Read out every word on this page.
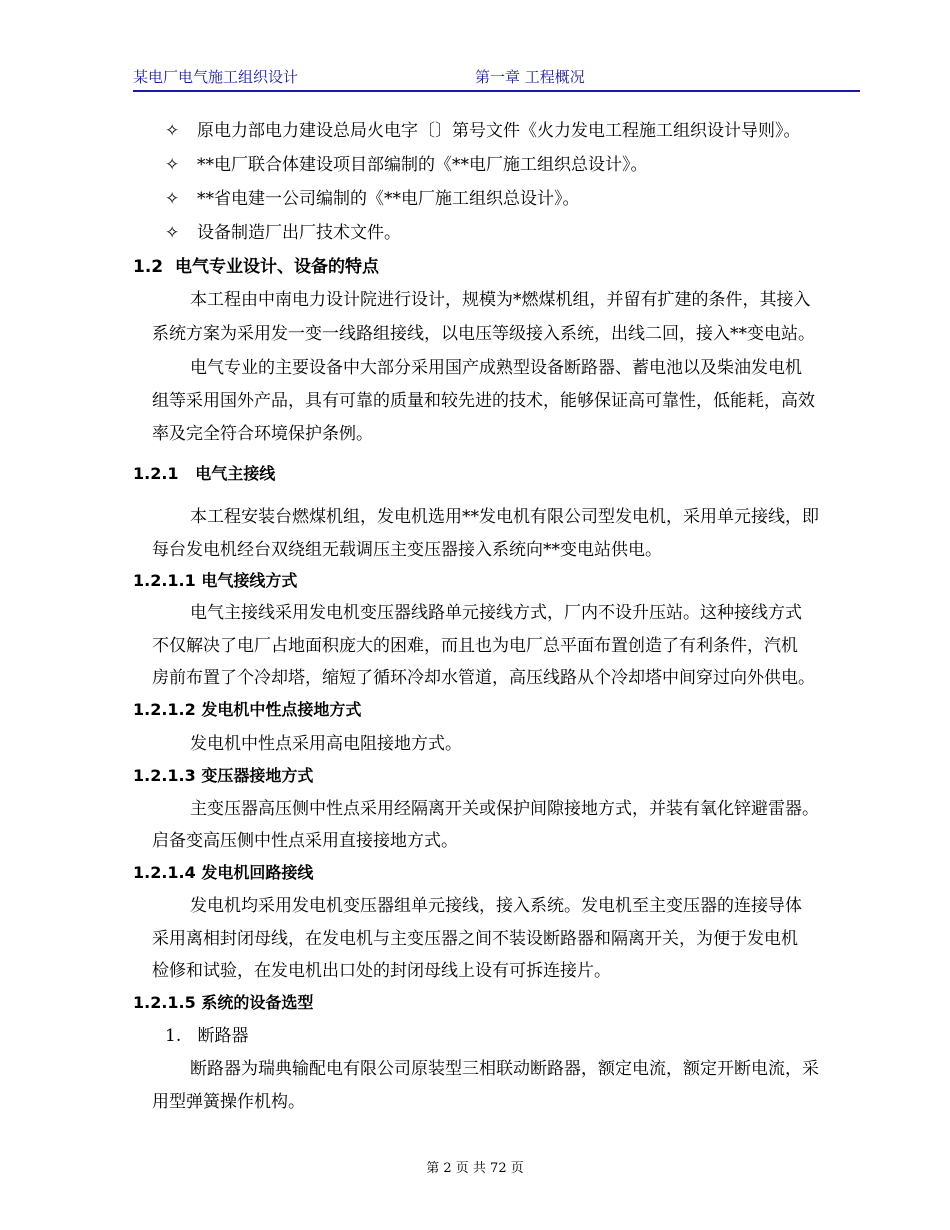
某电厂电气施工组织设计	第一章 工程概况
✧ 原电力部电力建设总局火电字〔〕第号文件《火力发电工程施工组织设计导则》。
✧ **电厂联合体建设项目部编制的《**电厂施工组织总设计》。
✧ **省电建一公司编制的《**电厂施工组织总设计》。
✧ 设备制造厂出厂技术文件。
1.2 电气专业设计、设备的特点
本工程由中南电力设计院进行设计，规模为*燃煤机组，并留有扩建的条件，其接入
系统方案为采用发一变一线路组接线，以电压等级接入系统，出线二回，接入**变电站。
电气专业的主要设备中大部分采用国产成熟型设备断路器、蓄电池以及柴油发电机
组等采用国外产品，具有可靠的质量和较先进的技术，能够保证高可靠性，低能耗，高效
率及完全符合环境保护条例。
1.2.1 电气主接线
本工程安装台燃煤机组，发电机选用**发电机有限公司型发电机，采用单元接线，即
每台发电机经台双绕组无载调压主变压器接入系统向**变电站供电。
1.2.1.1 电气接线方式
电气主接线采用发电机变压器线路单元接线方式，厂内不设升压站。这种接线方式
不仅解决了电厂占地面积庞大的困难，而且也为电厂总平面布置创造了有利条件，汽机
房前布置了个冷却塔，缩短了循环冷却水管道，高压线路从个冷却塔中间穿过向外供电。
1.2.1.2 发电机中性点接地方式
发电机中性点采用高电阻接地方式。
1.2.1.3 变压器接地方式
主变压器高压侧中性点采用经隔离开关或保护间隙接地方式，并装有氧化锌避雷器。
启备变高压侧中性点采用直接接地方式。
1.2.1.4 发电机回路接线
发电机均采用发电机变压器组单元接线，接入系统。发电机至主变压器的连接导体
采用离相封闭母线，在发电机与主变压器之间不装设断路器和隔离开关，为便于发电机
检修和试验，在发电机出口处的封闭母线上设有可拆连接片。
1.2.1.5 系统的设备选型
1. 断路器
断路器为瑞典输配电有限公司原装型三相联动断路器，额定电流，额定开断电流，采
用型弹簧操作机构。
第 2 页 共 72 页
